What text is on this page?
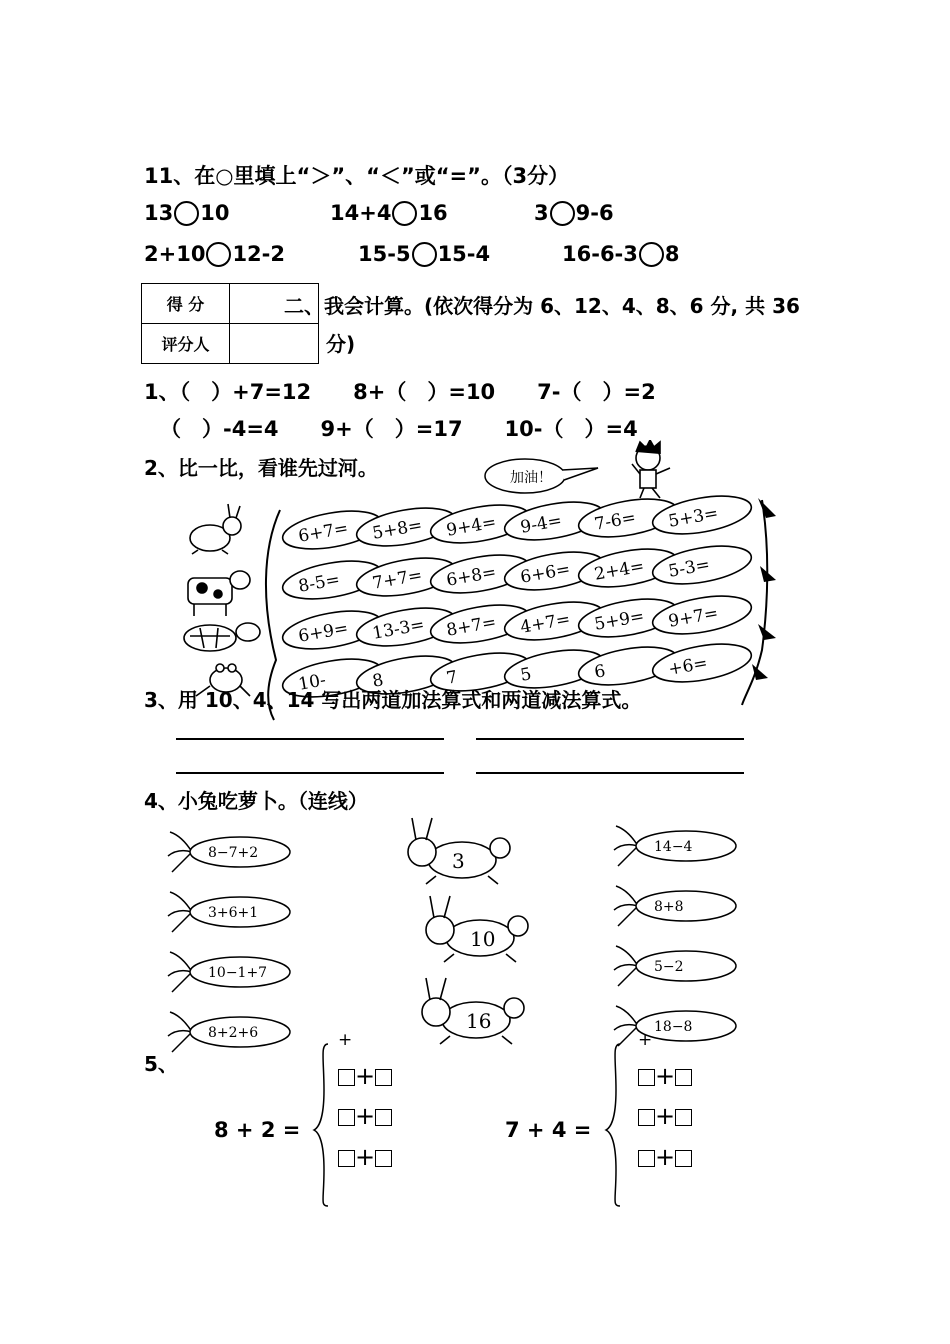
11、在○里填上“＞”、“＜”或“=”。（3分）
13 10	14+4 16	3 9-6
2+10 12-2	15-5 15-4	16-6-3 8
得 分	
评分人	
二、我会计算。(依次得分为 6、12、4、8、6 分, 共 36
分)
1、（　）+7=12　　8+（　）=10　　7-（　）=2
（　）-4=4　　9+（　）=17　　10-（　）=4
2、比一比，看谁先过河。	加油！
6+7= 5+8= 9+4= 9-4= 7-6= 5+3=
8-5= 7+7= 6+8= 6+6= 2+4= 5-3=
6+9= 13-3= 8+7= 4+7= 5+9= 9+7=
10-	8	7	5	6	+6=
3、用 10、4、14 写出两道加法算式和两道减法算式。
4、小兔吃萝卜。（连线）
8−7+2
3+6+1
10−1+7
8+2+6
14−4
8+8
5−2
18−8
3
10
16
5、
+	+
8 + 2 =	7 + 4 =
+
+
+
+
+
+
